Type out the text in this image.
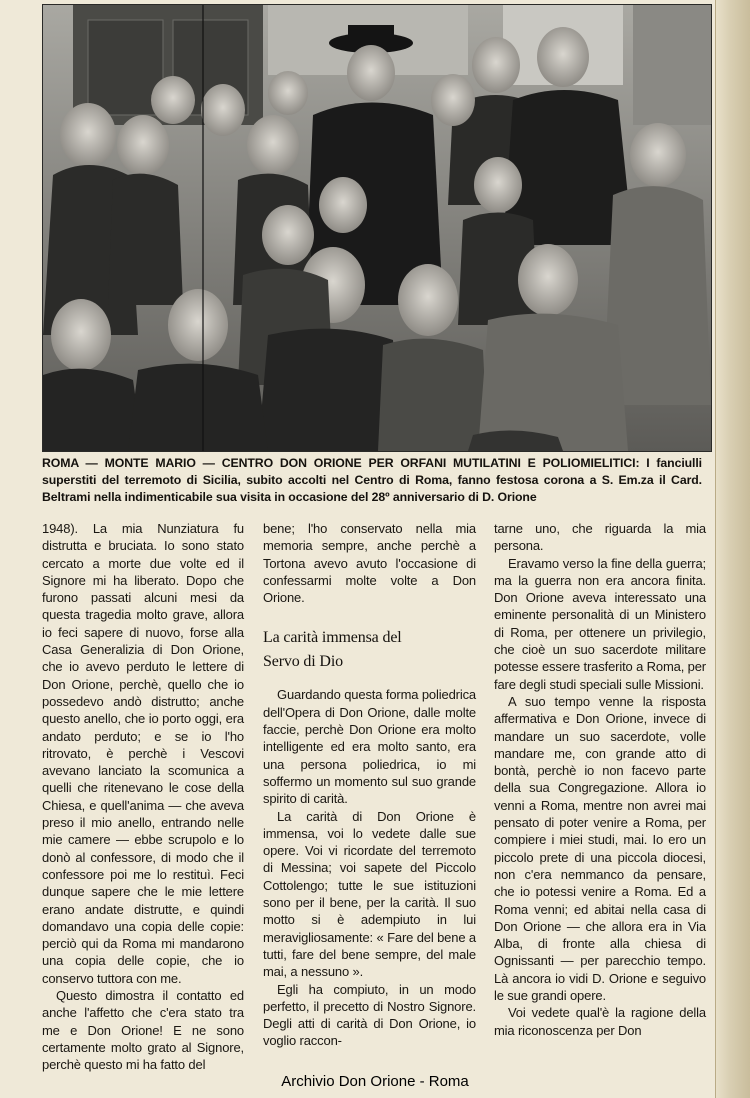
ROMA — MONTE MARIO — CENTRO DON ORIONE PER ORFANI MUTILATINI E POLIOMIELITICI: I fanciulli superstiti del terremoto di Sicilia, subito accolti nel Centro di Roma, fanno festosa corona a S. Em.za il Card. Beltrami nella indimenticabile sua visita in occasione del 28º anniversario di D. Orione

1948). La mia Nunziatura fu distrutta e bruciata. Io sono stato cercato a morte due volte ed il Signore mi ha liberato. Dopo che furono passati alcuni mesi da questa tragedia molto grave, allora io feci sapere di nuovo, forse alla Casa Generalizia di Don Orione, che io avevo perduto le lettere di Don Orione, perchè, quello che io possedevo andò distrutto; anche questo anello, che io porto oggi, era andato perduto; e se io l'ho ritrovato, è perchè i Vescovi avevano lanciato la scomunica a quelli che ritenevano le cose della Chiesa, e quell'anima — che aveva preso il mio anello, entrando nelle mie camere — ebbe scrupolo e lo donò al confessore, di modo che il confessore poi me lo restituì. Feci dunque sapere che le mie lettere erano andate distrutte, e quindi domandavo una copia delle copie: perciò qui da Roma mi mandarono una copia delle copie, che io conservo tuttora con me.

Questo dimostra il contatto ed anche l'affetto che c'era stato tra me e Don Orione! E ne sono certamente molto grato al Signore, perchè questo mi ha fatto del

bene; l'ho conservato nella mia memoria sempre, anche perchè a Tortona avevo avuto l'occasione di confessarmi molte volte a Don Orione.

La carità immensa del
Servo di Dio

Guardando questa forma poliedrica dell'Opera di Don Orione, dalle molte faccie, perchè Don Orione era molto intelligente ed era molto santo, era una persona poliedrica, io mi soffermo un momento sul suo grande spirito di carità.

La carità di Don Orione è immensa, voi lo vedete dalle sue opere. Voi vi ricordate del terremoto di Messina; voi sapete del Piccolo Cottolengo; tutte le sue istituzioni sono per il bene, per la carità. Il suo motto si è adempiuto in lui meravigliosamente: « Fare del bene a tutti, fare del bene sempre, del male mai, a nessuno ».

Egli ha compiuto, in un modo perfetto, il precetto di Nostro Signore. Degli atti di carità di Don Orione, io voglio raccon-

tarne uno, che riguarda la mia persona.

Eravamo verso la fine della guerra; ma la guerra non era ancora finita. Don Orione aveva interessato una eminente personalità di un Ministero di Roma, per ottenere un privilegio, che cioè un suo sacerdote militare potesse essere trasferito a Roma, per fare degli studi speciali sulle Missioni.

A suo tempo venne la risposta affermativa e Don Orione, invece di mandare un suo sacerdote, volle mandare me, con grande atto di bontà, perchè io non facevo parte della sua Congregazione. Allora io venni a Roma, mentre non avrei mai pensato di poter venire a Roma, per compiere i miei studi, mai. Io ero un piccolo prete di una piccola diocesi, non c'era nemmanco da pensare, che io potessi venire a Roma. Ed a Roma venni; ed abitai nella casa di Don Orione — che allora era in Via Alba, di fronte alla chiesa di Ognissanti — per parecchio tempo. Là ancora io vidi D. Orione e seguivo le sue grandi opere.

Voi vedete qual'è la ragione della mia riconoscenza per Don

Archivio Don Orione - Roma
